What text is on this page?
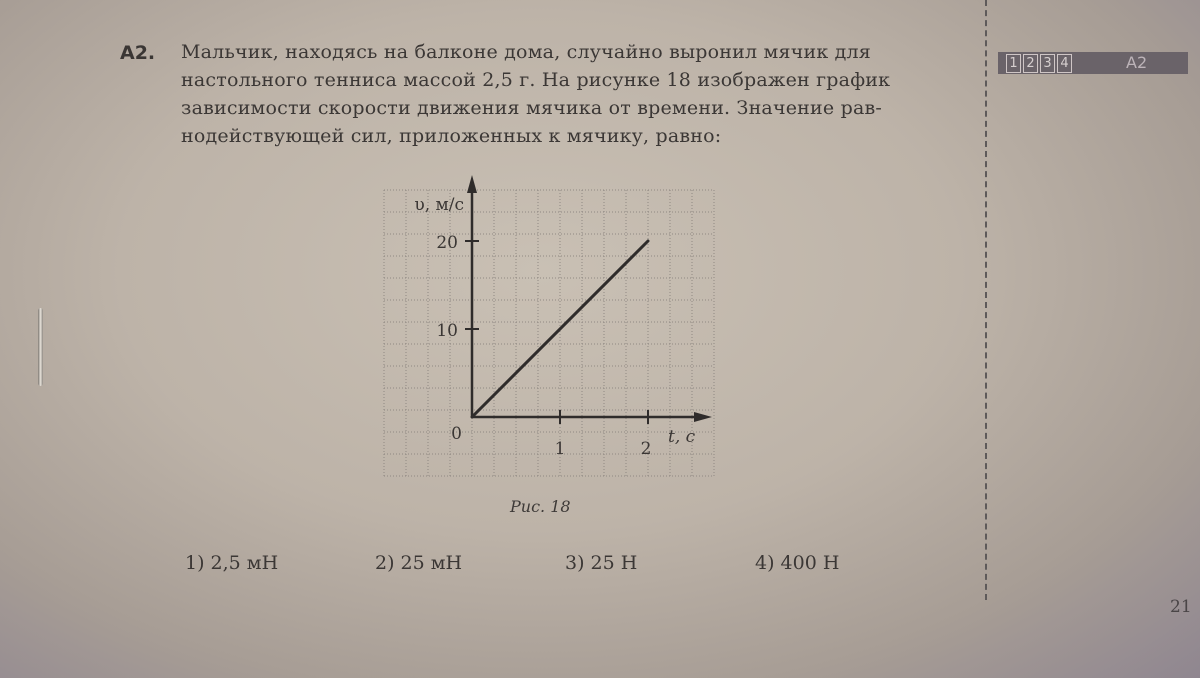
А2. Мальчик, находясь на балконе дома, случайно выронил мячик для
настольного тенниса массой 2,5 г. На рисунке 18 изображен график
зависимости скорости движения мячика от времени. Значение рав-
нодействующей сил, приложенных к мячику, равно:

1 2 3 4	А2
1	2
10
20
0
υ, м/с
t, c
Рис. 18
1) 2,5 мН	2) 25 мН	3) 25 Н	4) 400 Н
21
